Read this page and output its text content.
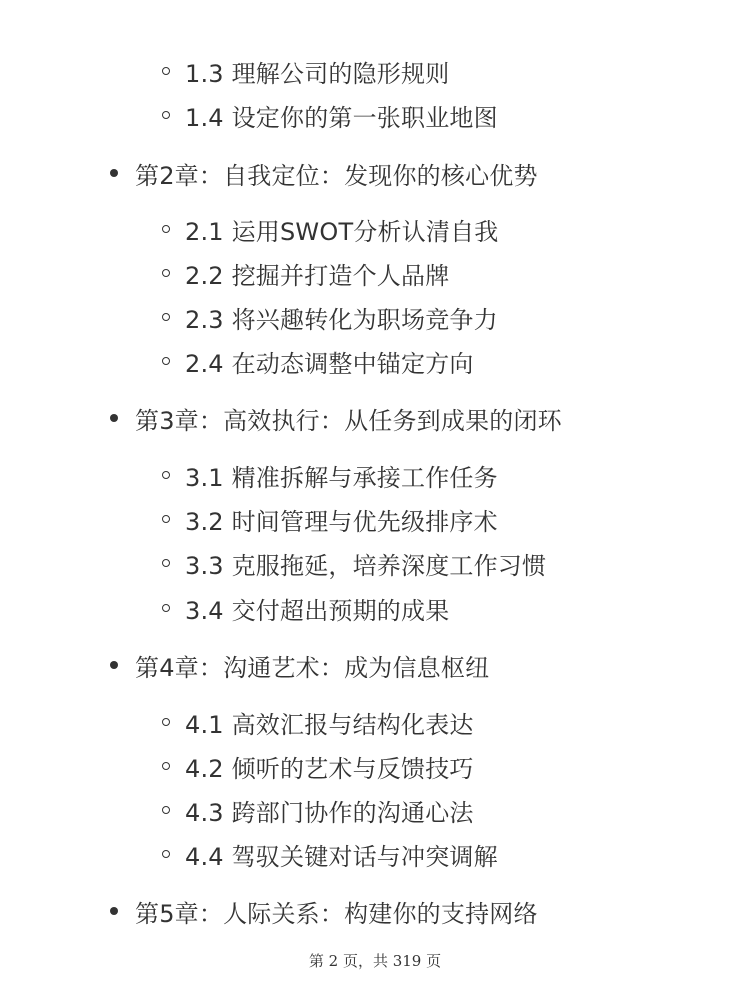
1.3 理解公司的隐形规则
1.4 设定你的第一张职业地图
第2章：自我定位：发现你的核心优势
2.1 运用SWOT分析认清自我
2.2 挖掘并打造个人品牌
2.3 将兴趣转化为职场竞争力
2.4 在动态调整中锚定方向
第3章：高效执行：从任务到成果的闭环
3.1 精准拆解与承接工作任务
3.2 时间管理与优先级排序术
3.3 克服拖延，培养深度工作习惯
3.4 交付超出预期的成果
第4章：沟通艺术：成为信息枢纽
4.1 高效汇报与结构化表达
4.2 倾听的艺术与反馈技巧
4.3 跨部门协作的沟通心法
4.4 驾驭关键对话与冲突调解
第5章：人际关系：构建你的支持网络
第 2 页，共 319 页
